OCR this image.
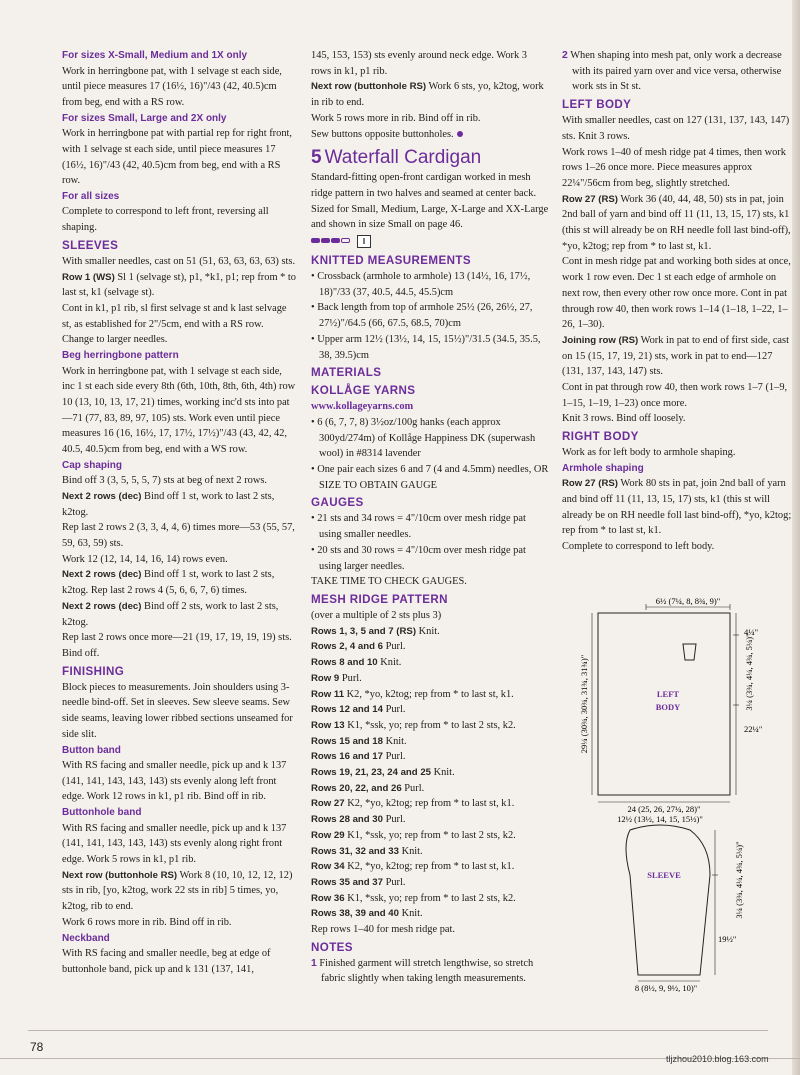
For sizes X-Small, Medium and 1X only
Work in herringbone pat, with 1 selvage st each side, until piece measures 17 (16½, 16)"/43 (42, 40.5)cm from beg, end with a RS row.
For sizes Small, Large and 2X only
Work in herringbone pat with partial rep for right front, with 1 selvage st each side, until piece measures 17 (16½, 16)"/43 (42, 40.5)cm from beg, end with a RS row.
For all sizes
Complete to correspond to left front, reversing all shaping.
SLEEVES
With smaller needles, cast on 51 (51, 63, 63, 63, 63) sts.
Row 1 (WS) Sl 1 (selvage st), p1, *k1, p1; rep from * to last st, k1 (selvage st).
Cont in k1, p1 rib, sl first selvage st and k last selvage st, as established for 2"/5cm, end with a RS row. Change to larger needles.
Beg herringbone pattern
Work in herringbone pat, with 1 selvage st each side, inc 1 st each side every 8th (6th, 10th, 8th, 6th, 4th) row 10 (13, 10, 13, 17, 21) times, working inc'd sts into pat—71 (77, 83, 89, 97, 105) sts. Work even until piece measures 16 (16, 16½, 17, 17½, 17½)"/43 (43, 42, 42, 40.5, 40.5)cm from beg, end with a WS row.
Cap shaping
Bind off 3 (3, 5, 5, 5, 7) sts at beg of next 2 rows.
Next 2 rows (dec) Bind off 1 st, work to last 2 sts, k2tog.
Rep last 2 rows 2 (3, 3, 4, 4, 6) times more—53 (55, 57, 59, 63, 59) sts.
Work 12 (12, 14, 14, 16, 14) rows even.
Next 2 rows (dec) Bind off 1 st, work to last 2 sts, k2tog. Rep last 2 rows 4 (5, 6, 6, 7, 6) times.
Next 2 rows (dec) Bind off 2 sts, work to last 2 sts, k2tog.
Rep last 2 rows once more—21 (19, 17, 19, 19, 19) sts. Bind off.
FINISHING
Block pieces to measurements. Join shoulders using 3-needle bind-off. Set in sleeves. Sew sleeve seams. Sew side seams, leaving lower ribbed sections unseamed for side slit.
Button band
With RS facing and smaller needle, pick up and k 137 (141, 141, 143, 143, 143) sts evenly along left front edge. Work 12 rows in k1, p1 rib. Bind off in rib.
Buttonhole band
With RS facing and smaller needle, pick up and k 137 (141, 141, 143, 143, 143) sts evenly along right front edge. Work 5 rows in k1, p1 rib.
Next row (buttonhole RS) Work 8 (10, 10, 12, 12, 12) sts in rib, [yo, k2tog, work 22 sts in rib] 5 times, yo, k2tog, rib to end.
Work 6 rows more in rib. Bind off in rib.
Neckband
With RS facing and smaller needle, beg at edge of buttonhole band, pick up and k 131 (137, 141,
145, 153, 153) sts evenly around neck edge. Work 3 rows in k1, p1 rib.
Next row (buttonhole RS) Work 6 sts, yo, k2tog, work in rib to end.
Work 5 rows more in rib. Bind off in rib.
Sew buttons opposite buttonholes.
5 Waterfall Cardigan
Standard-fitting open-front cardigan worked in mesh ridge pattern in two halves and seamed at center back. Sized for Small, Medium, Large, X-Large and XX-Large and shown in size Small on page 46.
I
KNITTED MEASUREMENTS
• Crossback (armhole to armhole) 13 (14½, 16, 17½, 18)"/33 (37, 40.5, 44.5, 45.5)cm
• Back length from top of armhole 25½ (26, 26½, 27, 27½)"/64.5 (66, 67.5, 68.5, 70)cm
• Upper arm 12½ (13½, 14, 15, 15½)"/31.5 (34.5, 35.5, 38, 39.5)cm
MATERIALS
KOLLÅGE YARNS
www.kollageyarns.com
• 6 (6, 7, 7, 8) 3½oz/100g hanks (each approx 300yd/274m) of Kollåge Happiness DK (superwash wool) in #8314 lavender
• One pair each sizes 6 and 7 (4 and 4.5mm) needles, OR SIZE TO OBTAIN GAUGE
GAUGES
• 21 sts and 34 rows = 4"/10cm over mesh ridge pat using smaller needles.
• 20 sts and 30 rows = 4"/10cm over mesh ridge pat using larger needles.
TAKE TIME TO CHECK GAUGES.
MESH RIDGE PATTERN
(over a multiple of 2 sts plus 3)
Rows 1, 3, 5 and 7 (RS) Knit.
Rows 2, 4 and 6 Purl.
Rows 8 and 10 Knit.
Row 9 Purl.
Row 11 K2, *yo, k2tog; rep from * to last st, k1.
Rows 12 and 14 Purl.
Row 13 K1, *ssk, yo; rep from * to last 2 sts, k2.
Rows 15 and 18 Knit.
Rows 16 and 17 Purl.
Rows 19, 21, 23, 24 and 25 Knit.
Rows 20, 22, and 26 Purl.
Row 27 K2, *yo, k2tog; rep from * to last st, k1.
Rows 28 and 30 Purl.
Row 29 K1, *ssk, yo; rep from * to last 2 sts, k2.
Rows 31, 32 and 33 Knit.
Row 34 K2, *yo, k2tog; rep from * to last st, k1.
Rows 35 and 37 Purl.
Row 36 K1, *ssk, yo; rep from * to last 2 sts, k2.
Rows 38, 39 and 40 Knit.
Rep rows 1–40 for mesh ridge pat.
NOTES
1 Finished garment will stretch lengthwise, so stretch fabric slightly when taking length measurements.
2 When shaping into mesh pat, only work a decrease with its paired yarn over and vice versa, otherwise work sts in St st.
LEFT BODY
With smaller needles, cast on 127 (131, 137, 143, 147) sts. Knit 3 rows.
Work rows 1–40 of mesh ridge pat 4 times, then work rows 1–26 once more. Piece measures approx 22¼"/56cm from beg, slightly stretched.
Row 27 (RS) Work 36 (40, 44, 48, 50) sts in pat, join 2nd ball of yarn and bind off 11 (11, 13, 15, 17) sts, k1 (this st will already be on RH needle foll last bind-off), *yo, k2tog; rep from * to last st, k1.
Cont in mesh ridge pat and working both sides at once, work 1 row even. Dec 1 st each edge of armhole on next row, then every other row once more. Cont in pat through row 40, then work rows 1–14 (1–18, 1–22, 1–26, 1–30).
Joining row (RS) Work in pat to end of first side, cast on 15 (15, 17, 19, 21) sts, work in pat to end—127 (131, 137, 143, 147) sts.
Cont in pat through row 40, then work rows 1–7 (1–9, 1–15, 1–19, 1–23) once more.
Knit 3 rows. Bind off loosely.
RIGHT BODY
Work as for left body to armhole shaping.
Armhole shaping
Row 27 (RS) Work 80 sts in pat, join 2nd ball of yarn and bind off 11 (11, 13, 15, 17) sts, k1 (this st will already be on RH needle foll last bind-off), *yo, k2tog; rep from * to last st, k1.
Complete to correspond to left body.
6½ (7¼, 8, 8¾, 9)"
29¼ (30¾, 30¾, 31¾, 31¾)"
4¼"
3¼ (3¾, 4¼, 4¾, 5¼)"
22¼"
LEFT
BODY
24 (25, 26, 27¼, 28)"
12½ (13½, 14, 15, 15½)"
3¼ (3¾, 4¼, 4¾, 5¼)"
19½"
SLEEVE
8 (8½, 9, 9½, 10)"
78
tljzhou2010.blog.163.com
